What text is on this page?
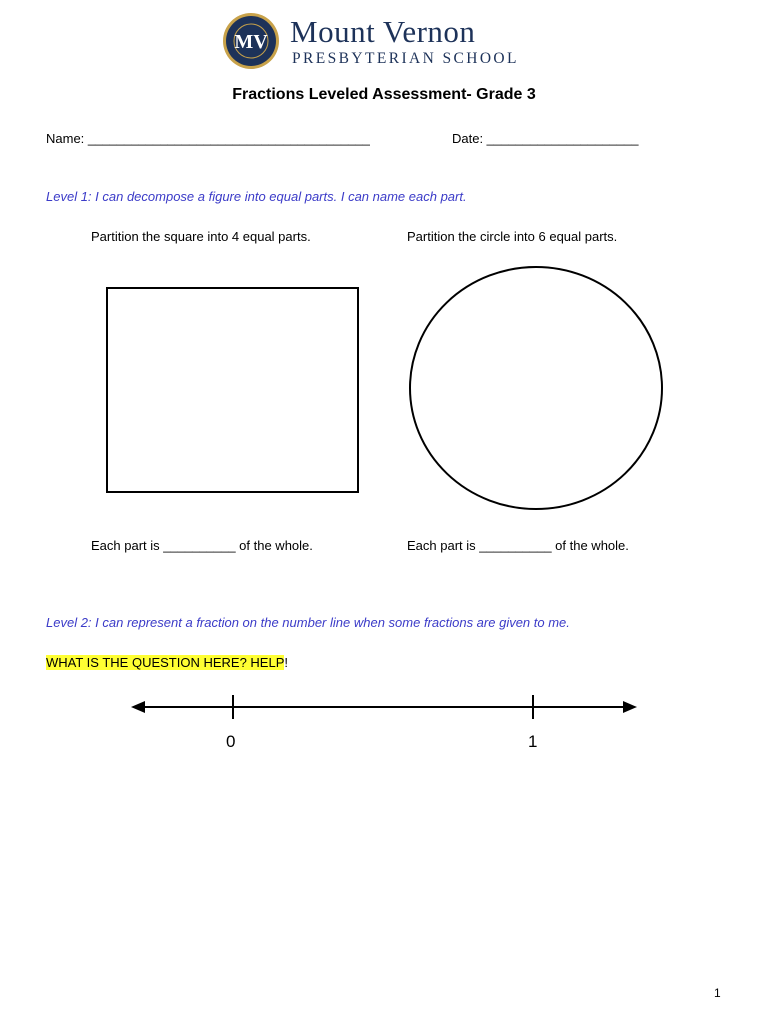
MV Mount Vernon
PRESBYTERIAN SCHOOL
Fractions Leveled Assessment- Grade 3
Name: _______________________________________	Date: _____________________
Level 1: I can decompose a figure into equal parts. I can name each part.
Partition the square into 4 equal parts.	Partition the circle into 6 equal parts.
Each part is __________ of the whole.	Each part is __________ of the whole.
Level 2: I can represent a fraction on the number line when some fractions are given to me.
WHAT IS THE QUESTION HERE? HELP!
0	1
1
